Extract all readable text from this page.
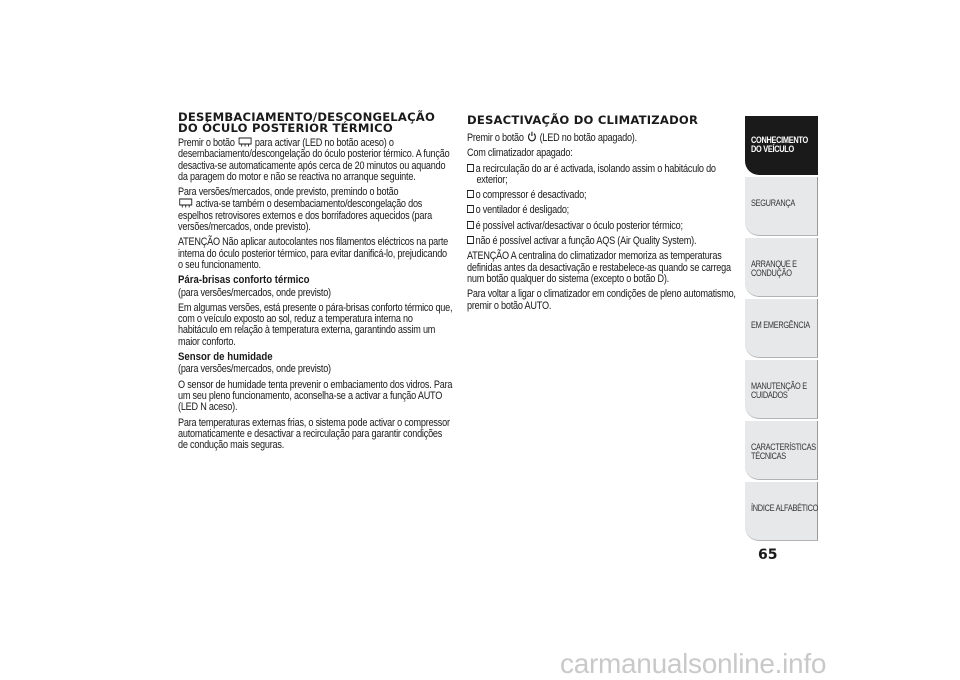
DESEMBACIAMENTO/DESCONGELAÇÃO DO ÓCULO POSTERIOR TÉRMICO

Premir o botão para activar (LED no botão aceso) o desembaciamento/descongelação do óculo posterior térmico. A função desactiva-se automaticamente após cerca de 20 minutos ou aquando da paragem do motor e não se reactiva no arranque seguinte.

Para versões/mercados, onde previsto, premindo o botão
activa-se também o desembaciamento/descongelação dos espelhos retrovisores externos e dos borrifadores aquecidos (para versões/mercados, onde previsto).

ATENÇÃO Não aplicar autocolantes nos filamentos eléctricos na parte interna do óculo posterior térmico, para evitar danificá-lo, prejudicando o seu funcionamento.

Pára-brisas conforto térmico

(para versões/mercados, onde previsto)

Em algumas versões, está presente o pára-brisas conforto térmico que, com o veículo exposto ao sol, reduz a temperatura interna no habitáculo em relação à temperatura externa, garantindo assim um maior conforto.

Sensor de humidade

(para versões/mercados, onde previsto)

O sensor de humidade tenta prevenir o embaciamento dos vidros. Para um seu pleno funcionamento, aconselha-se a activar a função AUTO (LED N aceso).

Para temperaturas externas frias, o sistema pode activar o compressor automaticamente e desactivar a recirculação para garantir condições de condução mais seguras.

DESACTIVAÇÃO DO CLIMATIZADOR

Premir o botão (LED no botão apagado).

Com climatizador apagado:

a recirculação do ar é activada, isolando assim o habitáculo do exterior;
o compressor é desactivado;
o ventilador é desligado;
é possível activar/desactivar o óculo posterior térmico;
não é possível activar a função AQS (Air Quality System).

ATENÇÃO A centralina do climatizador memoriza as temperaturas definidas antes da desactivação e restabelece-as quando se carrega num botão qualquer do sistema (excepto o botão D).

Para voltar a ligar o climatizador em condições de pleno automatismo, premir o botão AUTO.

CONHECIMENTO DO VEÍCULO
SEGURANÇA
ARRANQUE E CONDUÇÃO
EM EMERGÊNCIA
MANUTENÇÃO E CUIDADOS
CARACTERÍSTICAS TÉCNICAS
ÍNDICE ALFABÉTICO
65
carmanualsonline.info
